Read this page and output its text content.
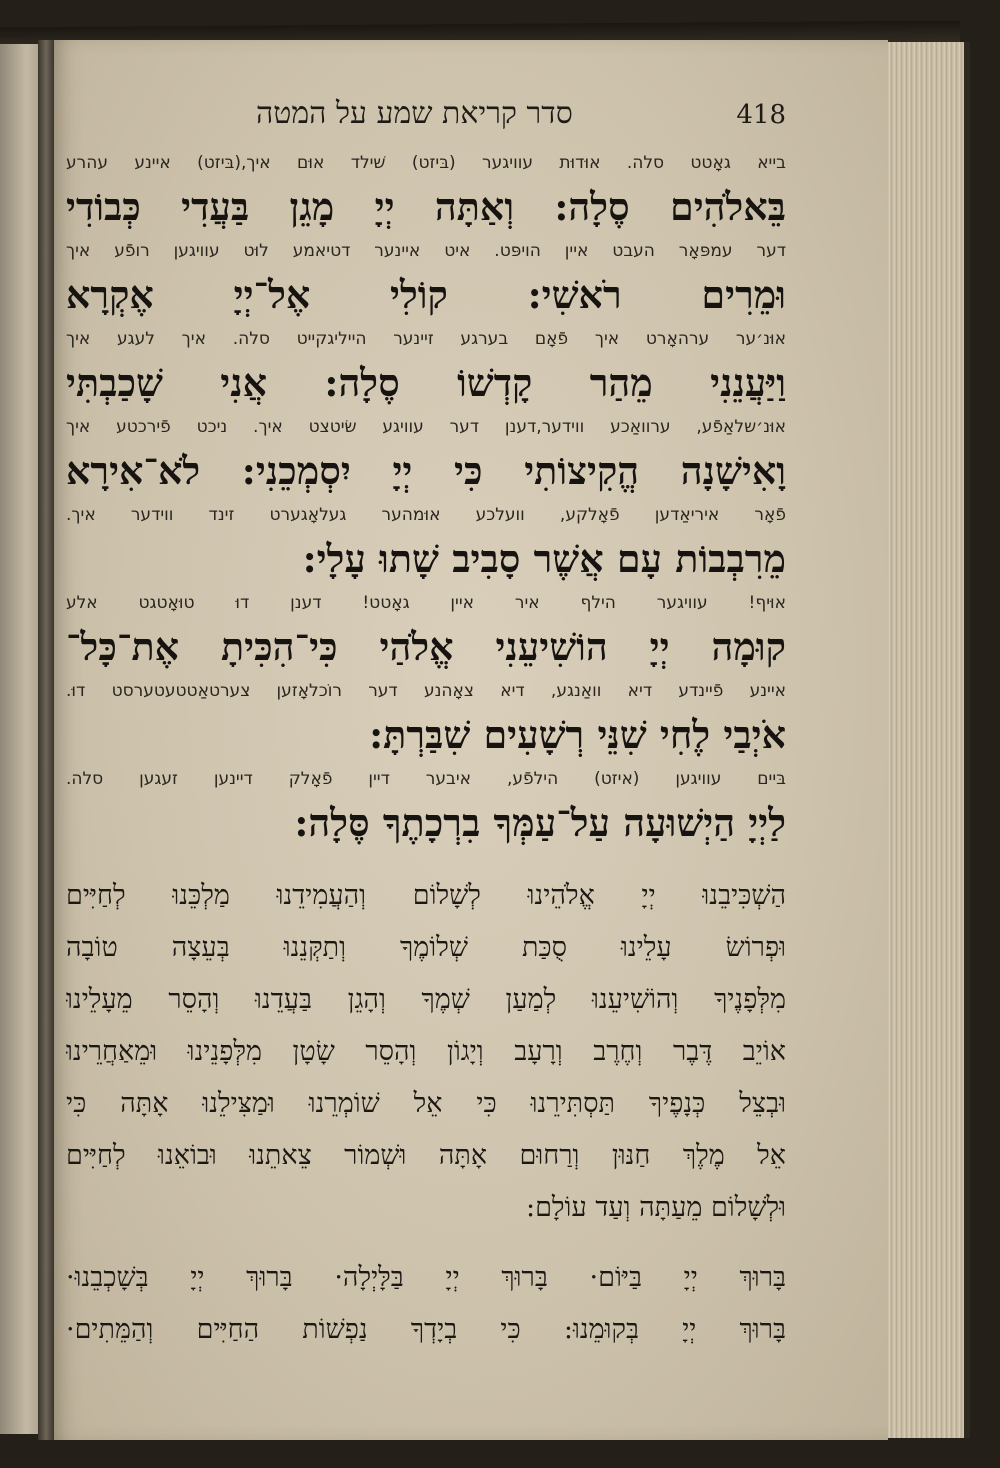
סדר קריאת שמע על המטה	418
בייא גאָטט סלה. אוּדוּת עוויגער (בּיזט) שׁילד אוּם איך,(בּיזט) איינע עהרע
בֵּאלֹהִים סֶלָה: וְאַתָּה יְיָ מָגֵן בַּעֲדִי כְּבוֹדִי
דער עמפּאָר העבט איין הויפּט. איט איינער דטיאמע לוּט עוויגען רופֿע איך
וּמֵרִים רֹאשִׁי: קוֹלִי אֶל־יְיָ אֶקְרָא
אוּנ׳ער ערהאָרט איך פֿאָם בערגע זיינער הייליגקייט סלה. איך לעגע איך
וַיַּעֲנֵנִי מֵהַר קָדְשׁוֹ סֶלָה: אֲנִי שָׁכַבְתִּי
אוּנ׳שלאַפֿע, ערוואַכע ווידער,דענן דער עוויגע שׂיטצט איך. ניכט פֿירכטע איך
וָאִישָׁנָה הֱקִיצוֹתִי כִּי יְיָ יִסְמְכֵנִי: לֹא־אִירָא
פֿאָר איריאַדען פֿאָלקע, וועלכע אוּמהער געלאָגערט זינד ווידער איך.
מֵרִבְבוֹת עָם אֲשֶׁר סָבִיב שָׁתוּ עָלָי:
אוּיף! עוויגער הילף איר איין גאָטט! דענן דוּ טוּאָטגט אלע
קוּמָה יְיָ הוֹשִׁיעֵנִי אֱלֹהַי כִּי־הִכִּיתָ אֶת־כָּל־
איינע פֿיינדע דיא וואַנגע, דיא צאָהנע דער רוֹכלאָזען צערטאַטטעטערסט דוּ.
אֹיְבַי לֶחִי שִׁנֵּי רְשָׁעִים שִׁבַּרְתָּ:
בּיים עוויגען (איזט) הילפֿע, איבער דיין פֿאָלק דיינען זעגען סלה.
לַיְיָ הַיְשׁוּעָה עַל־עַמְּךָ בִרְכָתֶךָ סֶּלָה:
הַשְׁכִּיבֵנוּ יְיָ אֱלֹהֵינוּ לְשָׁלוֹם וְהַעֲמִידֵנוּ מַלְכֵּנוּ לְחַיִּים
וּפְרוֹשׂ עָלֵינוּ סֻכַּת שְׁלוֹמֶךָ וְתַקְּנֵנוּ בְּעֵצָה טוֹבָה
מִלְּפָנֶיךָ וְהוֹשִׁיעֵנוּ לְמַעַן שְׁמֶךָ וְהָגֵן בַּעֲדֵנוּ וְהָסֵר מֵעָלֵינוּ
אוֹיֵב דֶּבֶר וְחֶרֶב וְרָעָב וְיָגוֹן וְהָסֵר שָׂטָן מִלְּפָנֵינוּ וּמֵאַחֲרֵינוּ
וּבְצֵל כְּנָפֶיךָ תַּסְתִּירֵנוּ כִּי אֵל שׁוֹמְרֵנוּ וּמַצִּילֵנוּ אָתָּה כִּי
אֵל מֶלֶךְ חַנּוּן וְרַחוּם אָתָּה וּשְׁמוֹר צֵאתֵנוּ וּבוֹאֵנוּ לְחַיִּים
וּלְשָׁלוֹם מֵעַתָּה וְעַד עוֹלָם:
בָּרוּךְ יְיָ בַּיּוֹם· בָּרוּךְ יְיָ בַּלָּיְלָה· בָּרוּךְ יְיָ בְּשָׁכְבֵנוּ·
בָּרוּךְ יְיָ בְּקוּמֵנוּ: כִּי בְיָדְךָ נַפְשׁוֹת הַחַיִּים וְהַמֵּתִים·
